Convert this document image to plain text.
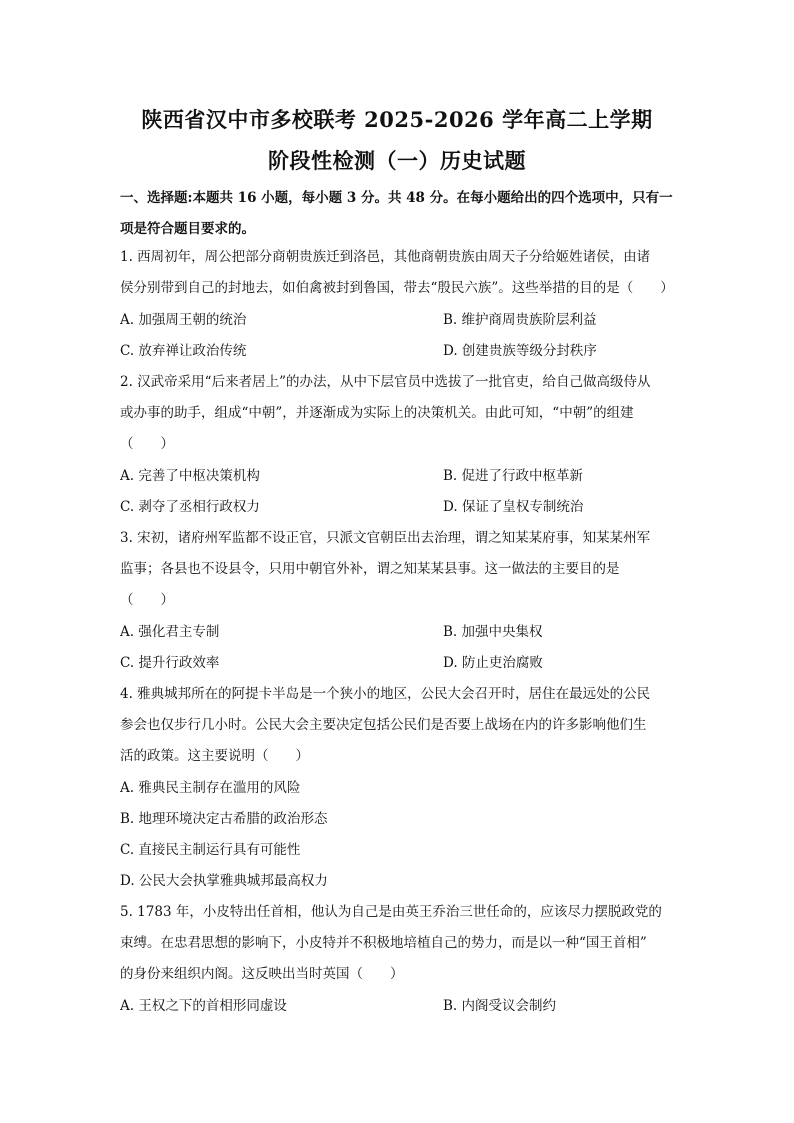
陕西省汉中市多校联考 2025-2026 学年高二上学期
阶段性检测（一）历史试题
一、选择题:本题共 16 小题，每小题 3 分。共 48 分。在每小题给出的四个选项中，只有一
项是符合题目要求的。
1. 西周初年，周公把部分商朝贵族迁到洛邑，其他商朝贵族由周天子分给姬姓诸侯，由诸
侯分别带到自己的封地去，如伯禽被封到鲁国，带去“殷民六族”。这些举措的目的是（　　）
A. 加强周王朝的统治	B. 维护商周贵族阶层利益
C. 放弃禅让政治传统	D. 创建贵族等级分封秩序
2. 汉武帝采用“后来者居上”的办法，从中下层官员中选拔了一批官吏，给自己做高级侍从
或办事的助手，组成“中朝”，并逐渐成为实际上的决策机关。由此可知，“中朝”的组建
（　　）
A. 完善了中枢决策机构	B. 促进了行政中枢革新
C. 剥夺了丞相行政权力	D. 保证了皇权专制统治
3. 宋初，诸府州军监都不设正官，只派文官朝臣出去治理，谓之知某某府事，知某某州军
监事；各县也不设县令，只用中朝官外补，谓之知某某县事。这一做法的主要目的是
（　　）
A. 强化君主专制	B. 加强中央集权
C. 提升行政效率	D. 防止吏治腐败
4. 雅典城邦所在的阿提卡半岛是一个狭小的地区，公民大会召开时，居住在最远处的公民
参会也仅步行几小时。公民大会主要决定包括公民们是否要上战场在内的许多影响他们生
活的政策。这主要说明（　　）
A. 雅典民主制存在滥用的风险
B. 地理环境决定古希腊的政治形态
C. 直接民主制运行具有可能性
D. 公民大会执掌雅典城邦最高权力
5. 1783 年，小皮特出任首相，他认为自己是由英王乔治三世任命的，应该尽力摆脱政党的
束缚。在忠君思想的影响下，小皮特并不积极地培植自己的势力，而是以一种“国王首相”
的身份来组织内阁。这反映出当时英国（　　）
A. 王权之下的首相形同虚设	B. 内阁受议会制约
